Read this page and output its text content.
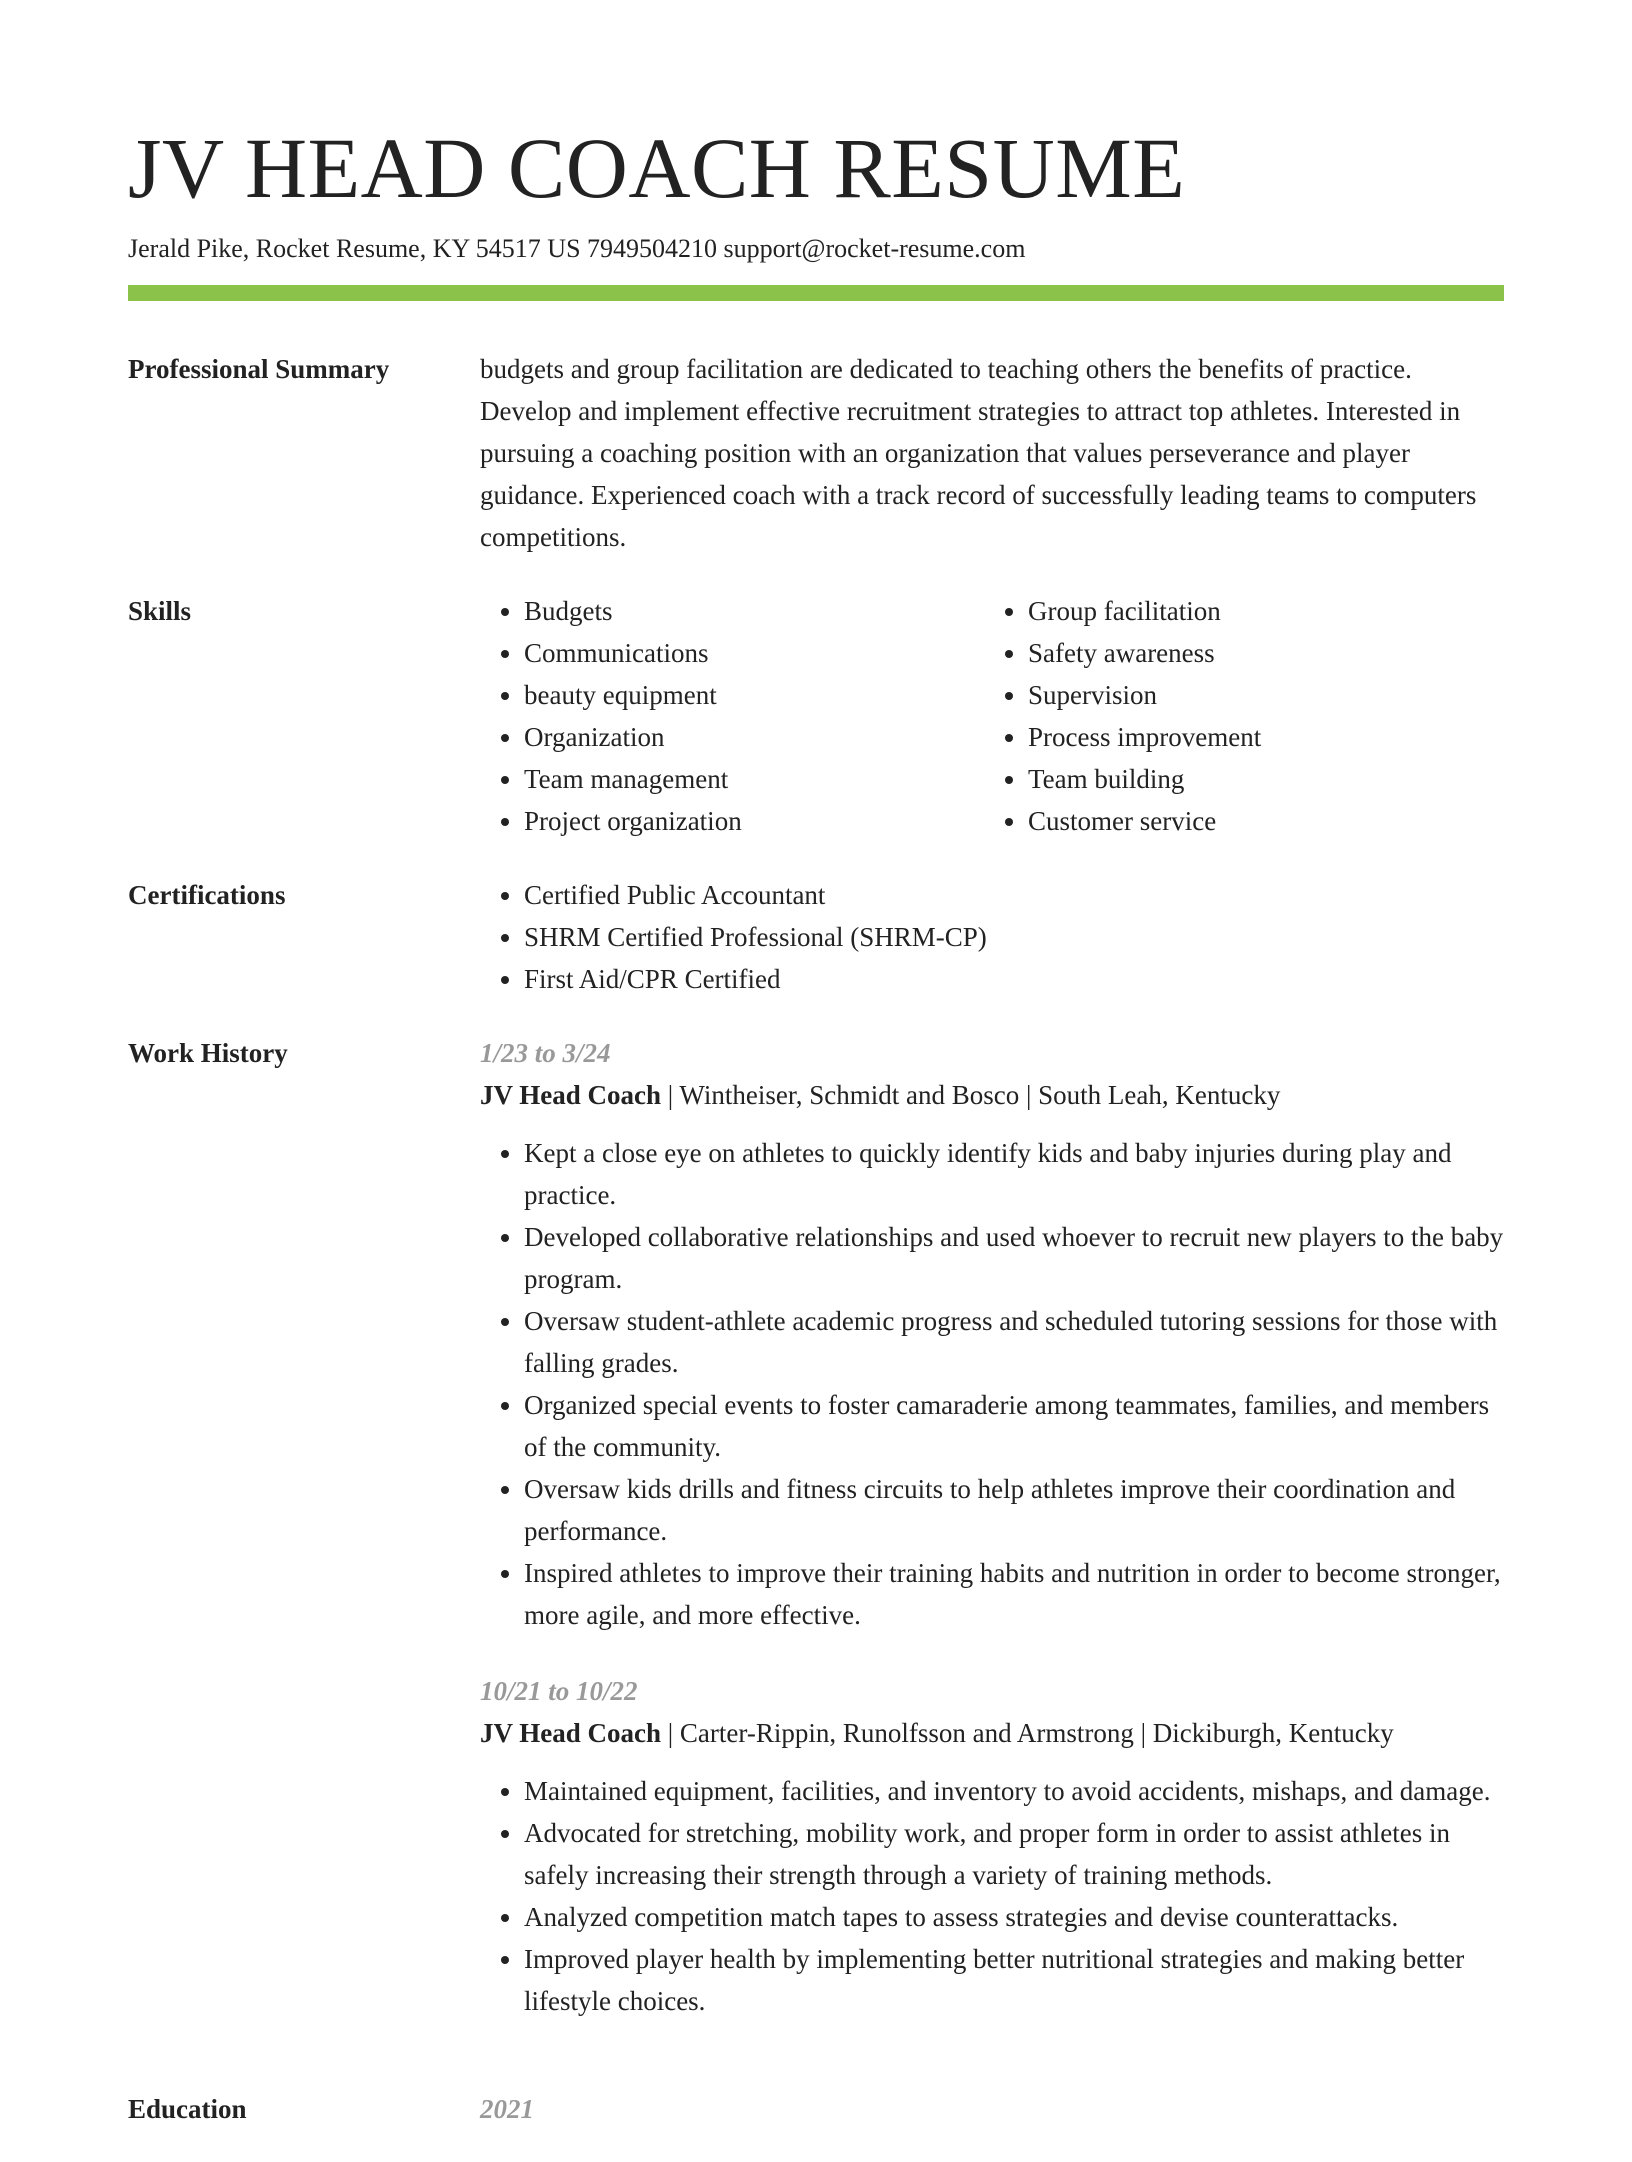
JV HEAD COACH RESUME
Jerald Pike, Rocket Resume, KY 54517 US 7949504210 support@rocket-resume.com
Professional Summary	budgets and group facilitation are dedicated to teaching others the benefits of practice. Develop and implement effective recruitment strategies to attract top athletes. Interested in pursuing a coaching position with an organization that values perseverance and player guidance. Experienced coach with a track record of successfully leading teams to computers competitions.

Skills	• Budgets
• Communications
• beauty equipment
• Organization
• Team management
• Project organization
• Group facilitation
• Safety awareness
• Supervision
• Process improvement
• Team building
• Customer service
Certifications	• Certified Public Accountant
• SHRM Certified Professional (SHRM-CP)
• First Aid/CPR Certified
Work History	1/23 to 3/24
JV Head Coach | Wintheiser, Schmidt and Bosco | South Leah, Kentucky
• Kept a close eye on athletes to quickly identify kids and baby injuries during play and practice.
• Developed collaborative relationships and used whoever to recruit new players to the baby program.
• Oversaw student-athlete academic progress and scheduled tutoring sessions for those with falling grades.
• Organized special events to foster camaraderie among teammates, families, and members of the community.
• Oversaw kids drills and fitness circuits to help athletes improve their coordination and performance.
• Inspired athletes to improve their training habits and nutrition in order to become stronger, more agile, and more effective.
10/21 to 10/22
JV Head Coach | Carter-Rippin, Runolfsson and Armstrong | Dickiburgh, Kentucky
• Maintained equipment, facilities, and inventory to avoid accidents, mishaps, and damage.
• Advocated for stretching, mobility work, and proper form in order to assist athletes in safely increasing their strength through a variety of training methods.
• Analyzed competition match tapes to assess strategies and devise counterattacks.
• Improved player health by implementing better nutritional strategies and making better lifestyle choices.
Education	2021
